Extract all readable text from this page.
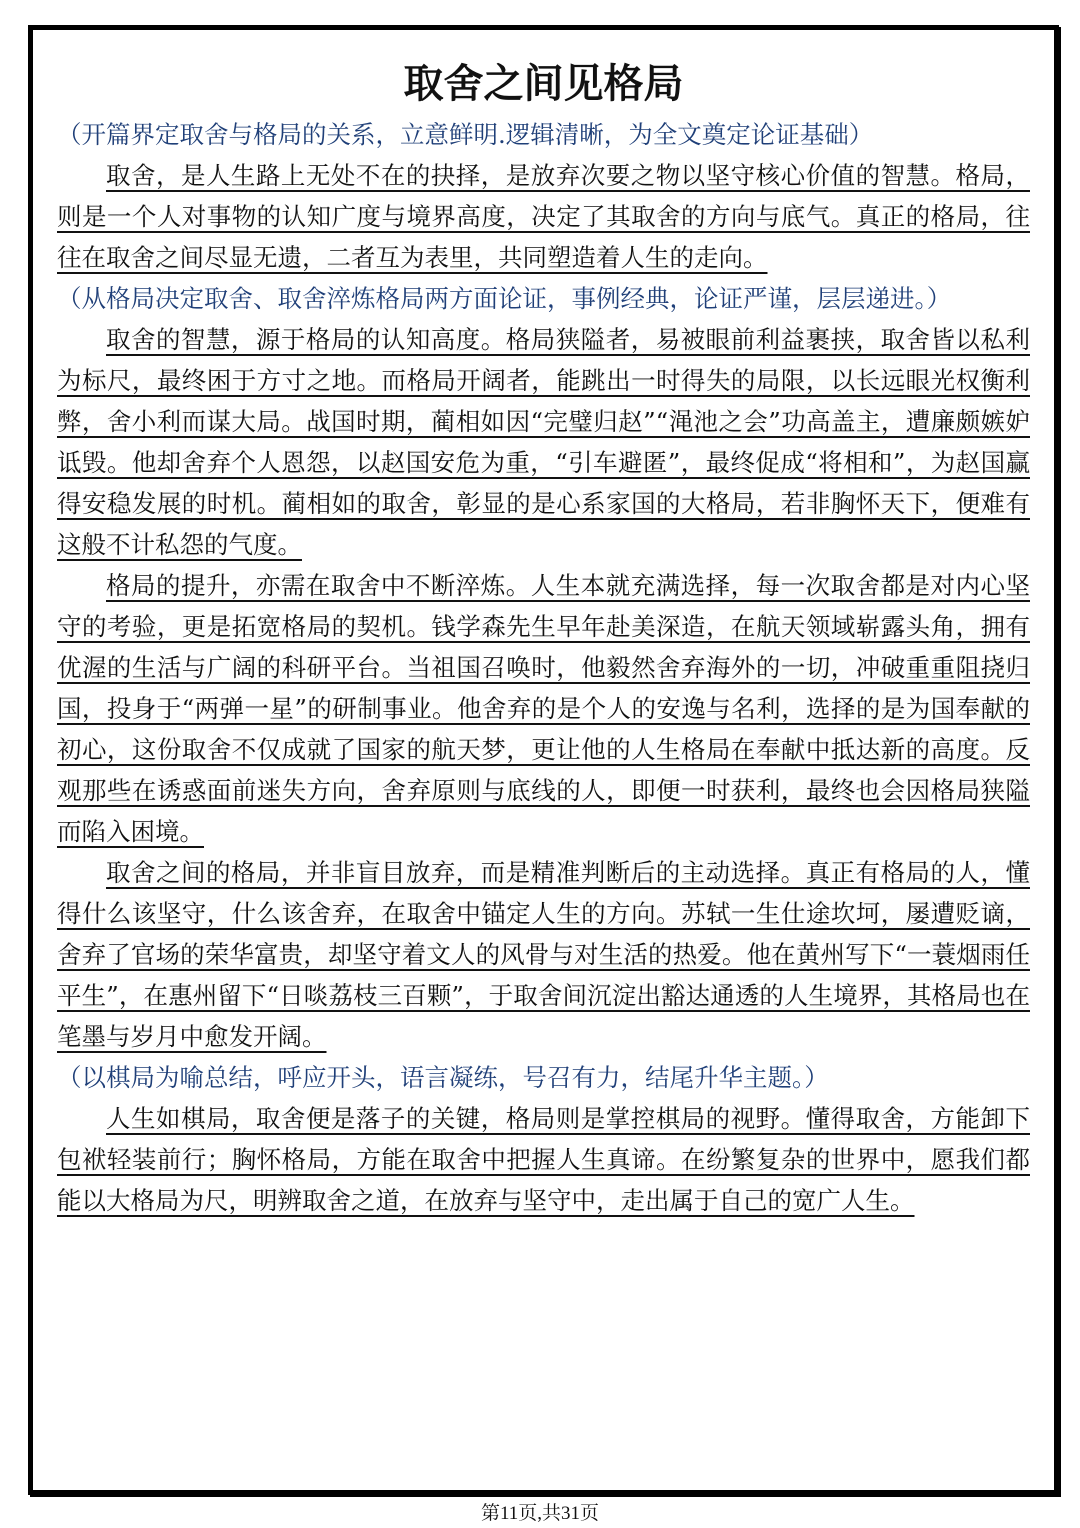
取舍之间见格局

（开篇界定取舍与格局的关系，立意鲜明.逻辑清晰，为全文奠定论证基础）

取舍，是人生路上无处不在的抉择，是放弃次要之物以坚守核心价值的智慧。格局，则是一个人对事物的认知广度与境界高度，决定了其取舍的方向与底气。真正的格局，往往在取舍之间尽显无遗，二者互为表里，共同塑造着人生的走向。

（从格局决定取舍、取舍淬炼格局两方面论证，事例经典，论证严谨，层层递进。）

取舍的智慧，源于格局的认知高度。格局狭隘者，易被眼前利益裹挟，取舍皆以私利为标尺，最终困于方寸之地。而格局开阔者，能跳出一时得失的局限，以长远眼光权衡利弊，舍小利而谋大局。战国时期，蔺相如因“完璧归赵”“渑池之会”功高盖主，遭廉颇嫉妒诋毁。他却舍弃个人恩怨，以赵国安危为重，“引车避匿”，最终促成“将相和”，为赵国赢得安稳发展的时机。蔺相如的取舍，彰显的是心系家国的大格局，若非胸怀天下，便难有这般不计私怨的气度。

格局的提升，亦需在取舍中不断淬炼。人生本就充满选择，每一次取舍都是对内心坚守的考验，更是拓宽格局的契机。钱学森先生早年赴美深造，在航天领域崭露头角，拥有优渥的生活与广阔的科研平台。当祖国召唤时，他毅然舍弃海外的一切，冲破重重阻挠归国，投身于“两弹一星”的研制事业。他舍弃的是个人的安逸与名利，选择的是为国奉献的初心，这份取舍不仅成就了国家的航天梦，更让他的人生格局在奉献中抵达新的高度。反观那些在诱惑面前迷失方向，舍弃原则与底线的人，即便一时获利，最终也会因格局狭隘而陷入困境。

取舍之间的格局，并非盲目放弃，而是精准判断后的主动选择。真正有格局的人，懂得什么该坚守，什么该舍弃，在取舍中锚定人生的方向。苏轼一生仕途坎坷，屡遭贬谪，舍弃了官场的荣华富贵，却坚守着文人的风骨与对生活的热爱。他在黄州写下“一蓑烟雨任平生”，在惠州留下“日啖荔枝三百颗”，于取舍间沉淀出豁达通透的人生境界，其格局也在笔墨与岁月中愈发开阔。

（以棋局为喻总结，呼应开头，语言凝练，号召有力，结尾升华主题。）

人生如棋局，取舍便是落子的关键，格局则是掌控棋局的视野。懂得取舍，方能卸下包袱轻装前行；胸怀格局，方能在取舍中把握人生真谛。在纷繁复杂的世界中，愿我们都能以大格局为尺，明辨取舍之道，在放弃与坚守中，走出属于自己的宽广人生。

第11页,共31页
